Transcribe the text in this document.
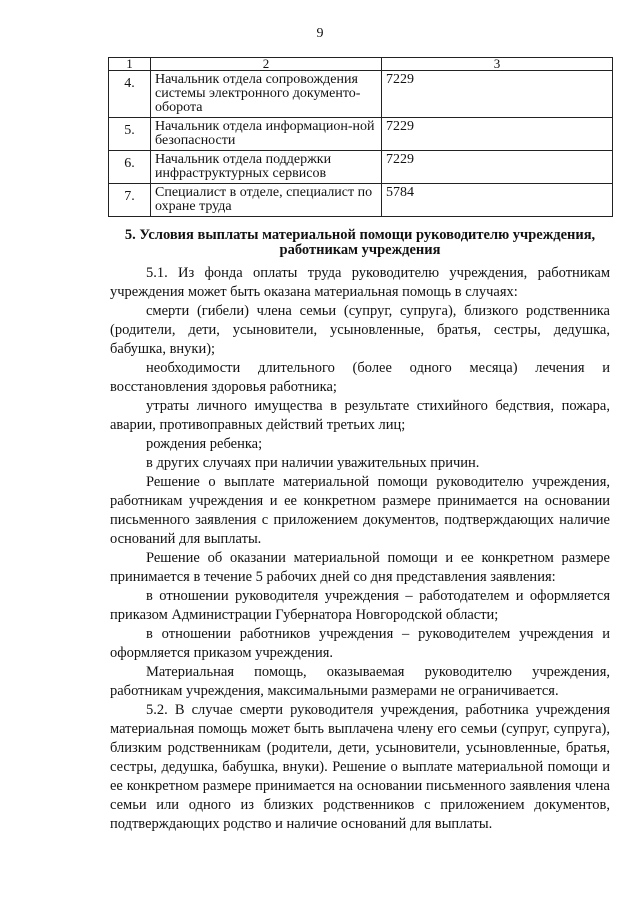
9
1	2	3
4.	Начальник отдела сопровождения системы электронного документо-оборота	7229
5.	Начальник отдела информацион-ной безопасности	7229
6.	Начальник отдела поддержки инфраструктурных сервисов	7229
7.	Специалист в отделе, специалист по охране труда	5784
5. Условия выплаты материальной помощи руководителю учреждения, работникам учреждения

5.1. Из фонда оплаты труда руководителю учреждения, работникам учреждения может быть оказана материальная помощь в случаях:

смерти (гибели) члена семьи (супруг, супруга), близкого родственника (родители, дети, усыновители, усыновленные, братья, сестры, дедушка, бабушка, внуки);

необходимости длительного (более одного месяца) лечения и восстановления здоровья работника;

утраты личного имущества в результате стихийного бедствия, пожара, аварии, противоправных действий третьих лиц;

рождения ребенка;

в других случаях при наличии уважительных причин.

Решение о выплате материальной помощи руководителю учреждения, работникам учреждения и ее конкретном размере принимается на основании письменного заявления с приложением документов, подтверждающих наличие оснований для выплаты.

Решение об оказании материальной помощи и ее конкретном размере принимается в течение 5 рабочих дней со дня представления заявления:

в отношении руководителя учреждения – работодателем и оформляется приказом Администрации Губернатора Новгородской области;

в отношении работников учреждения – руководителем учреждения и оформляется приказом учреждения.

Материальная помощь, оказываемая руководителю учреждения, работникам учреждения, максимальными размерами не ограничивается.

5.2. В случае смерти руководителя учреждения, работника учреждения материальная помощь может быть выплачена члену его семьи (супруг, супруга), близким родственникам (родители, дети, усыновители, усыновленные, братья, сестры, дедушка, бабушка, внуки). Решение о выплате материальной помощи и ее конкретном размере принимается на основании письменного заявления члена семьи или одного из близких родственников с приложением документов, подтверждающих родство и наличие оснований для выплаты.
